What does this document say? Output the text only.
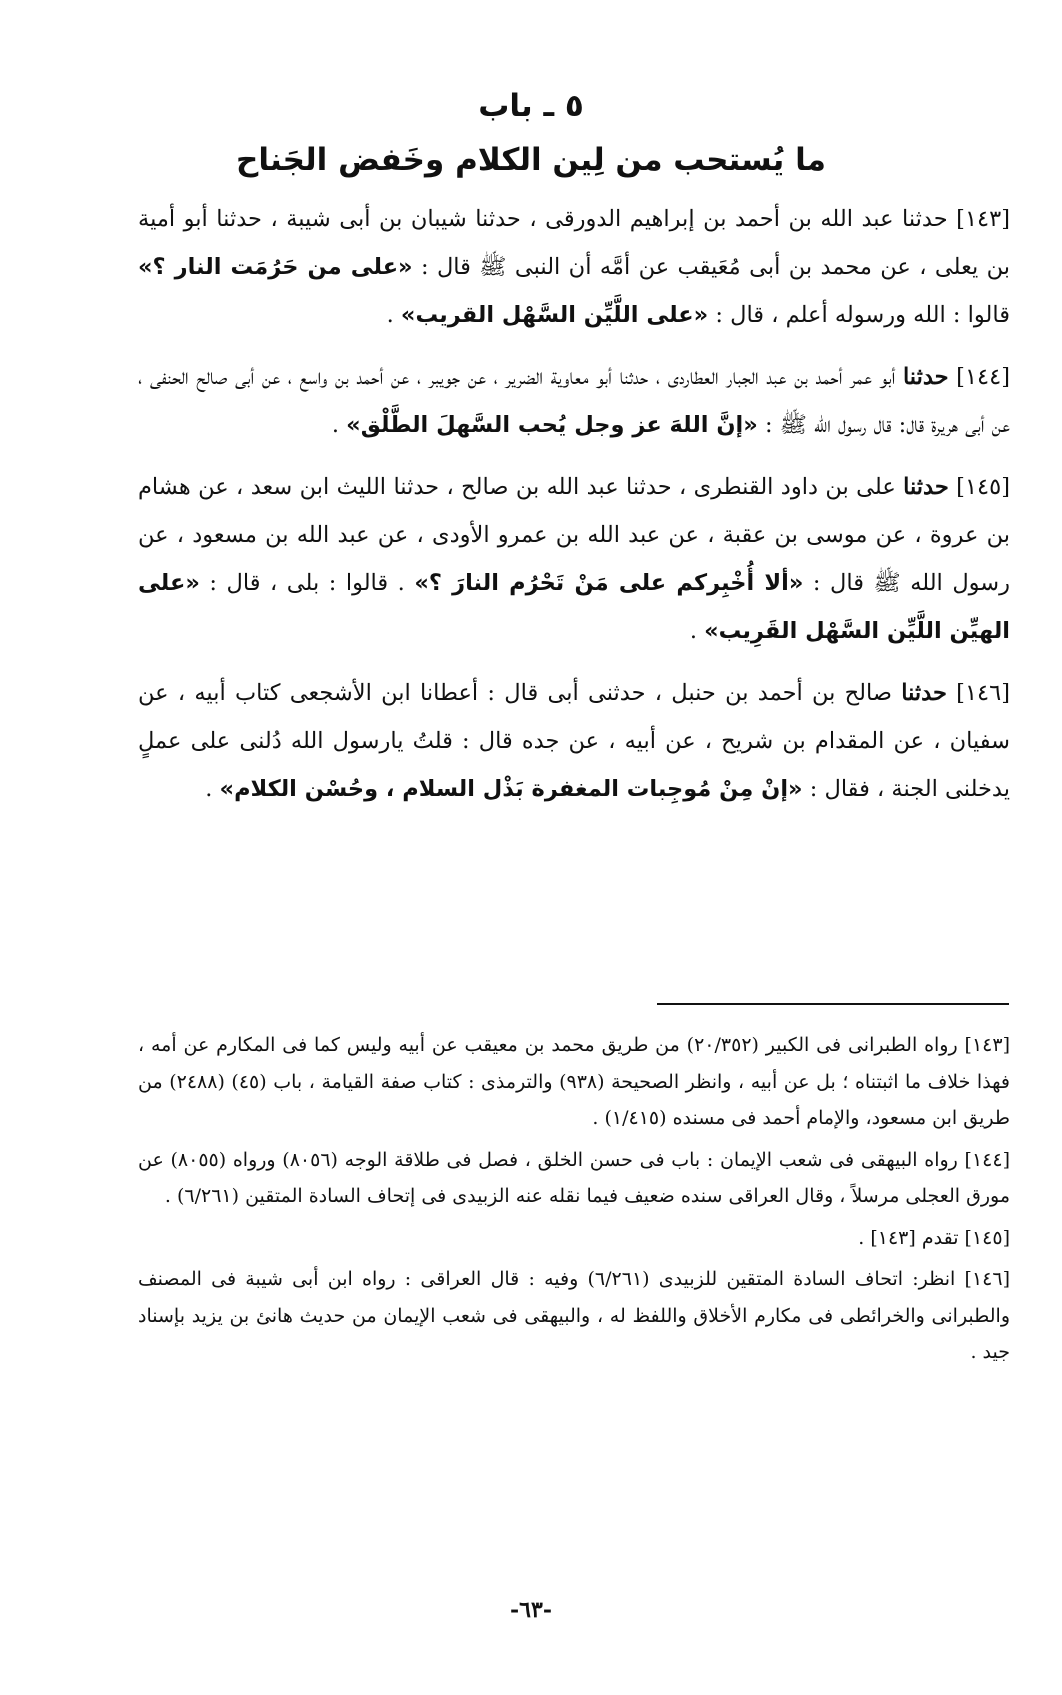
٥ ـ باب
ما يُستحب من لِين الكلام وخَفض الجَناح

[١٤٣] حدثنا عبد الله بن أحمد بن إبراهيم الدورقى ، حدثنا شيبان بن أبى شيبة ، حدثنا أبو أمية بن يعلى ، عن محمد بن أبى مُعَيقب عن أمَّه أن النبى ﷺ قال : «على من حَرُمَت النار ؟» قالوا : الله ورسوله أعلم ، قال : «على اللَّيِّن السَّهْل القريب» .

[١٤٤] حدثنا أبو عمر أحمد بن عبد الجبار العطاردى ، حدثنا أبو معاوية الضرير ، عن جويبر ، عن أحمد بن واسع ، عن أبى صالح الحنفى ، عن أبى هريرة قال: قال رسول الله ﷺ : «إنَّ اللهَ عز وجل يُحب السَّهلَ الطَّلْق» .

[١٤٥] حدثنا على بن داود القنطرى ، حدثنا عبد الله بن صالح ، حدثنا الليث ابن سعد ، عن هشام بن عروة ، عن موسى بن عقبة ، عن عبد الله بن عمرو الأودى ، عن عبد الله بن مسعود ، عن رسول الله ﷺ قال : «ألا أُخْبِركم على مَنْ تَحْرُم النارَ ؟» . قالوا : بلى ، قال : «على الهيِّن اللَّيِّن السَّهْل القَرِيب» .

[١٤٦] حدثنا صالح بن أحمد بن حنبل ، حدثنى أبى قال : أعطانا ابن الأشجعى كتاب أبيه ، عن سفيان ، عن المقدام بن شريح ، عن أبيه ، عن جده قال : قلتُ يارسول الله دُلنى على عملٍ يدخلنى الجنة ، فقال : «إنْ مِنْ مُوجِبات المغفرة بَذْل السلام ، وحُسْن الكلام» .

[١٤٣] رواه الطبرانى فى الكبير (٢٠/٣٥٢) من طريق محمد بن معيقب عن أبيه وليس كما فى المكارم عن أمه ، فهذا خلاف ما اثبتناه ؛ بل عن أبيه ، وانظر الصحيحة (٩٣٨) والترمذى : كتاب صفة القيامة ، باب (٤٥) (٢٤٨٨) من طريق ابن مسعود، والإمام أحمد فى مسنده (١/٤١٥) .

[١٤٤] رواه البيهقى فى شعب الإيمان : باب فى حسن الخلق ، فصل فى طلاقة الوجه (٨٠٥٦) ورواه (٨٠٥٥) عن مورق العجلى مرسلاً ، وقال العراقى سنده ضعيف فيما نقله عنه الزبيدى فى إتحاف السادة المتقين (٦/٢٦١) .

[١٤٥] تقدم [١٤٣] .

[١٤٦] انظر: اتحاف السادة المتقين للزبيدى (٦/٢٦١) وفيه : قال العراقى : رواه ابن أبى شيبة فى المصنف والطبرانى والخرائطى فى مكارم الأخلاق واللفظ له ، والبيهقى فى شعب الإيمان من حديث هانئ بن يزيد بإسناد جيد .

-٦٣-
